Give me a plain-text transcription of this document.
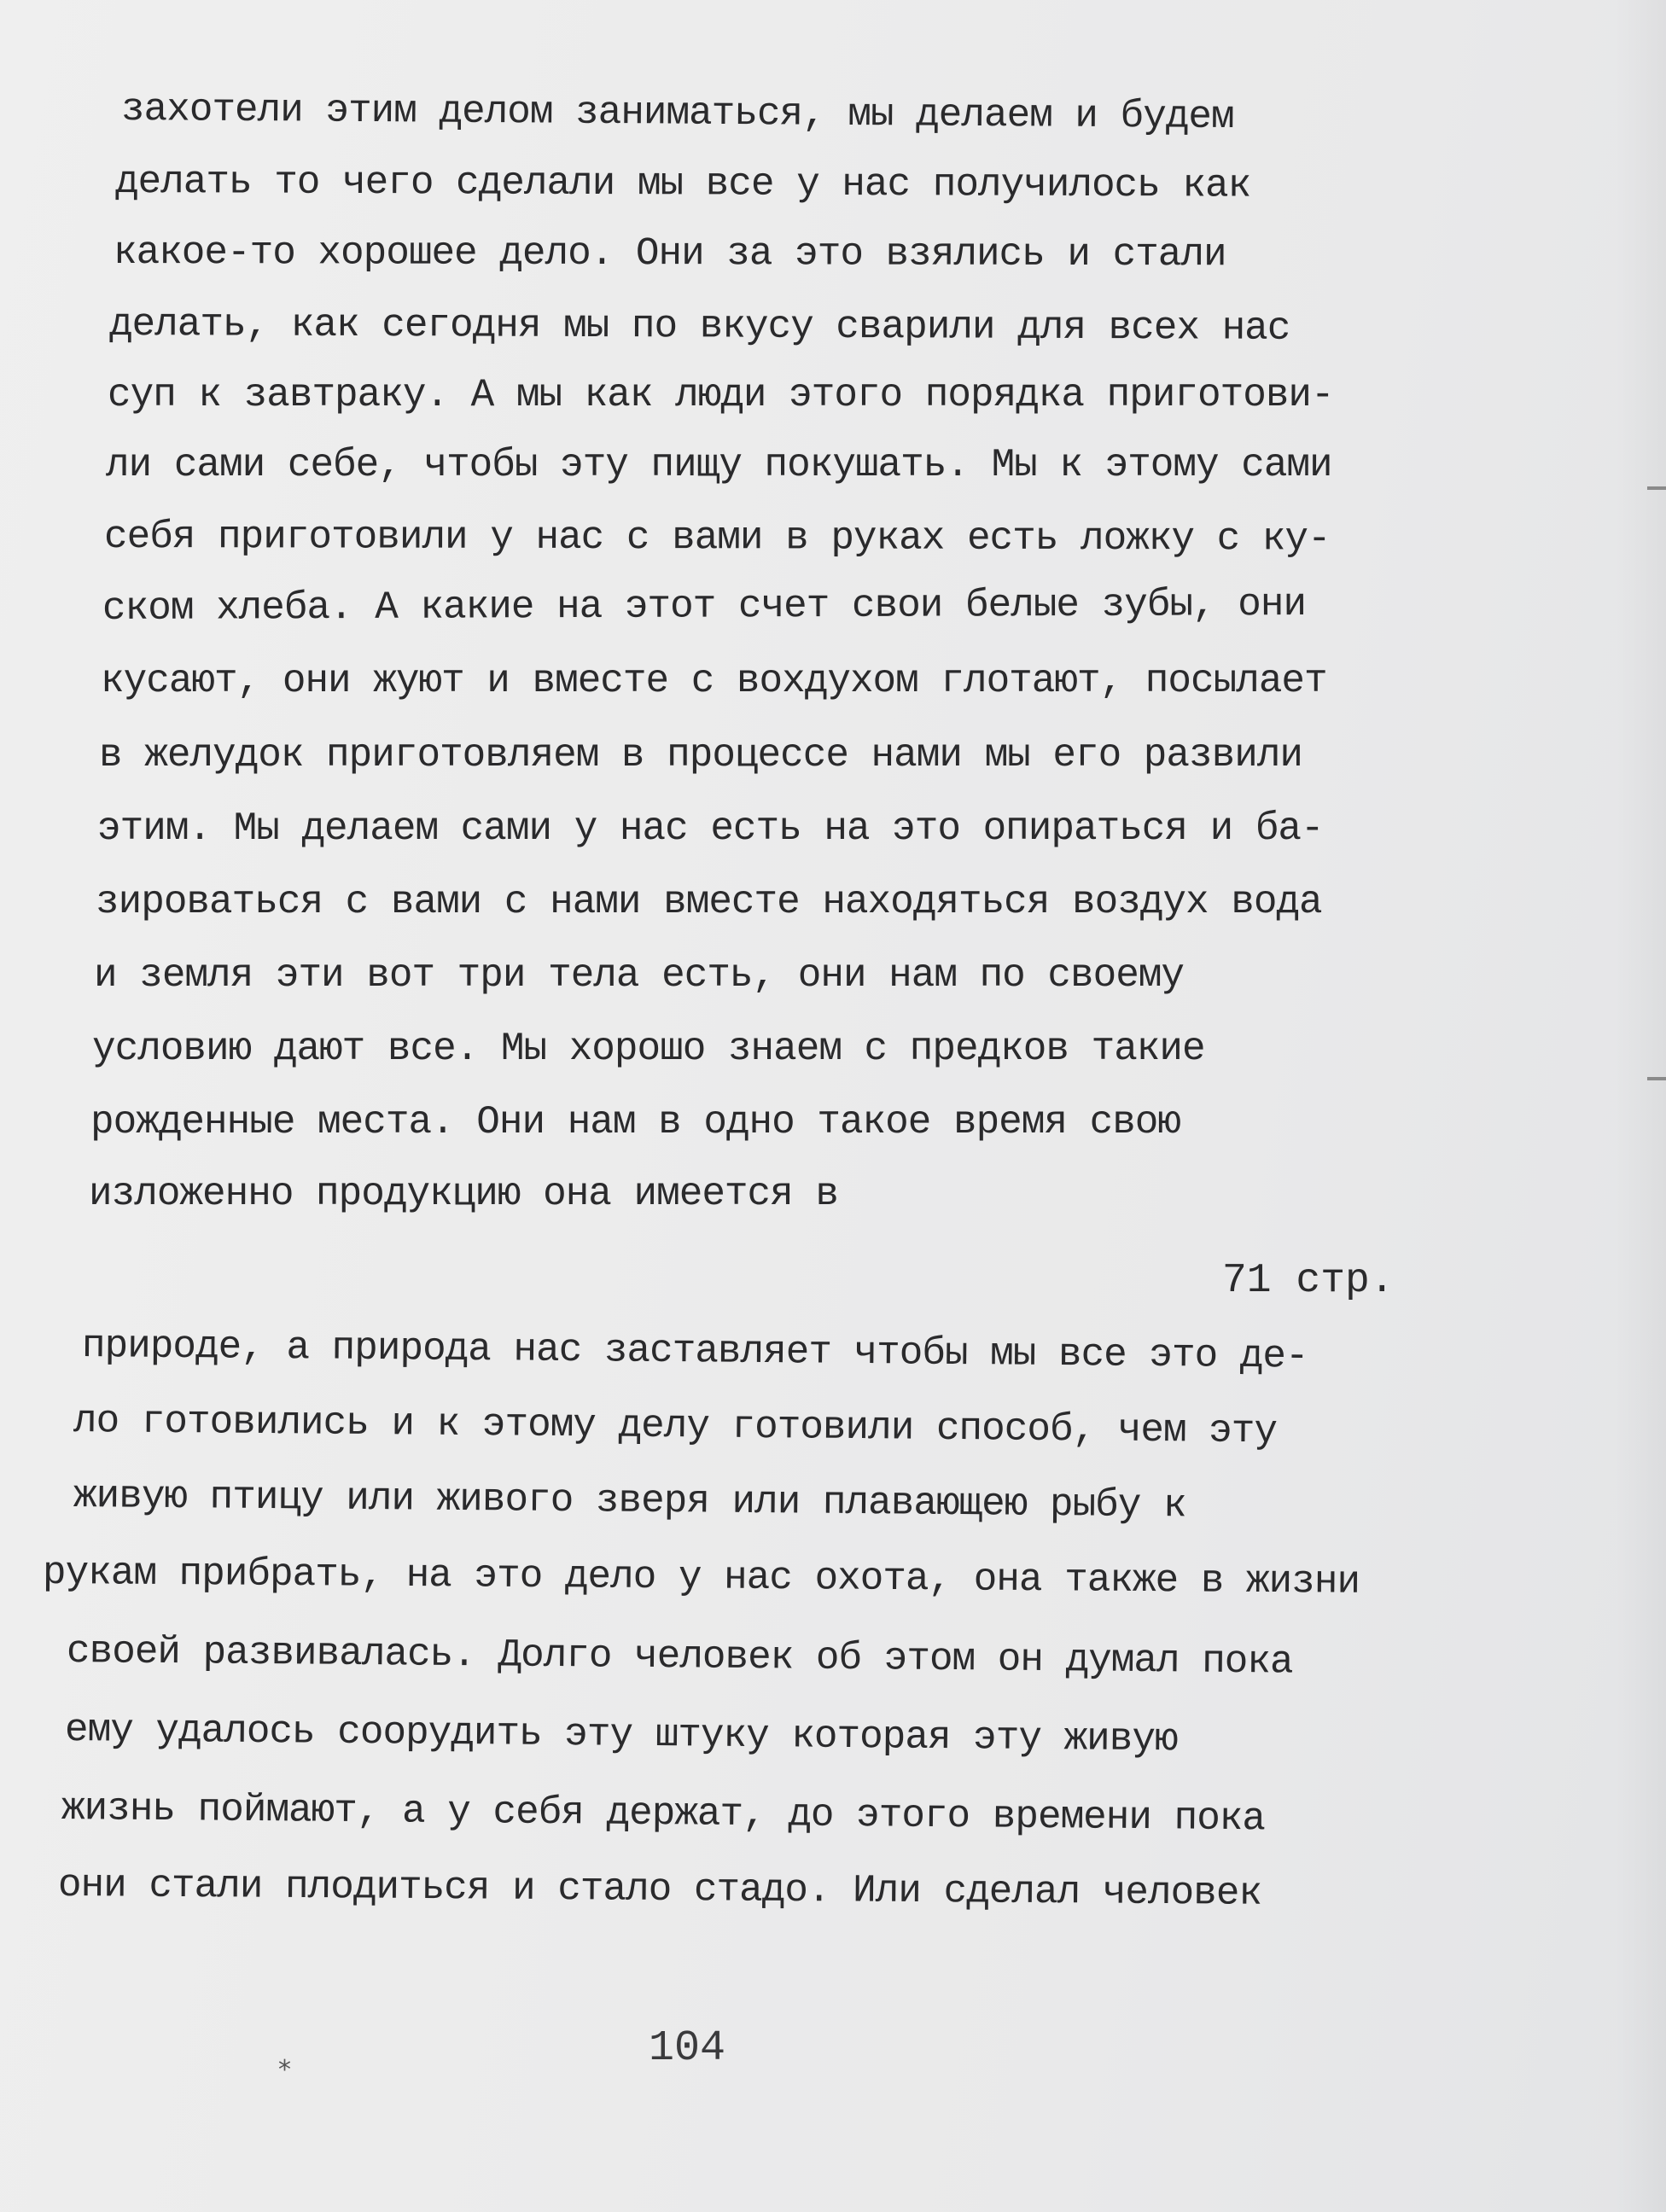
захотели этим делом заниматься, мы делаем и будем

делать то чего сделали мы все у нас получилось как

какое-то хорошее дело. Они за это взялись и стали

делать, как сегодня мы по вкусу сварили для всех нас

суп к завтраку. А мы как люди этого порядка приготови-

ли сами себе, чтобы эту пищу покушать. Мы к этому сами

себя приготовили у нас с вами в руках есть ложку с ку-

ском хлеба. А какие на этот счет свои белые зубы, они

кусают, они жуют и вместе с вохдухом глотают, посылает

в желудок приготовляем в процессе нами мы его развили

этим. Мы делаем сами у нас есть на это опираться и ба-

зироваться с вами с нами вместе находяться воздух вода

и земля эти вот три тела есть, они нам по своему

условию дают все. Мы хорошо знаем с предков такие

рожденные места. Они нам в одно такое время свою

изложенно продукцию она имеется в

71 стр.

природе, а природа нас заставляет чтобы мы все это де-

ло готовились и к этому делу готовили способ, чем эту

живую птицу или живого зверя или плавающею рыбу к

рукам прибрать, на это дело у нас охота, она также в жизни

своей развивалась. Долго человек об этом он думал пока

ему удалось соорудить эту штуку которая эту живую

жизнь поймают, а у себя держат, до этого времени пока

они стали плодиться и стало стадо. Или сделал человек

104

*
